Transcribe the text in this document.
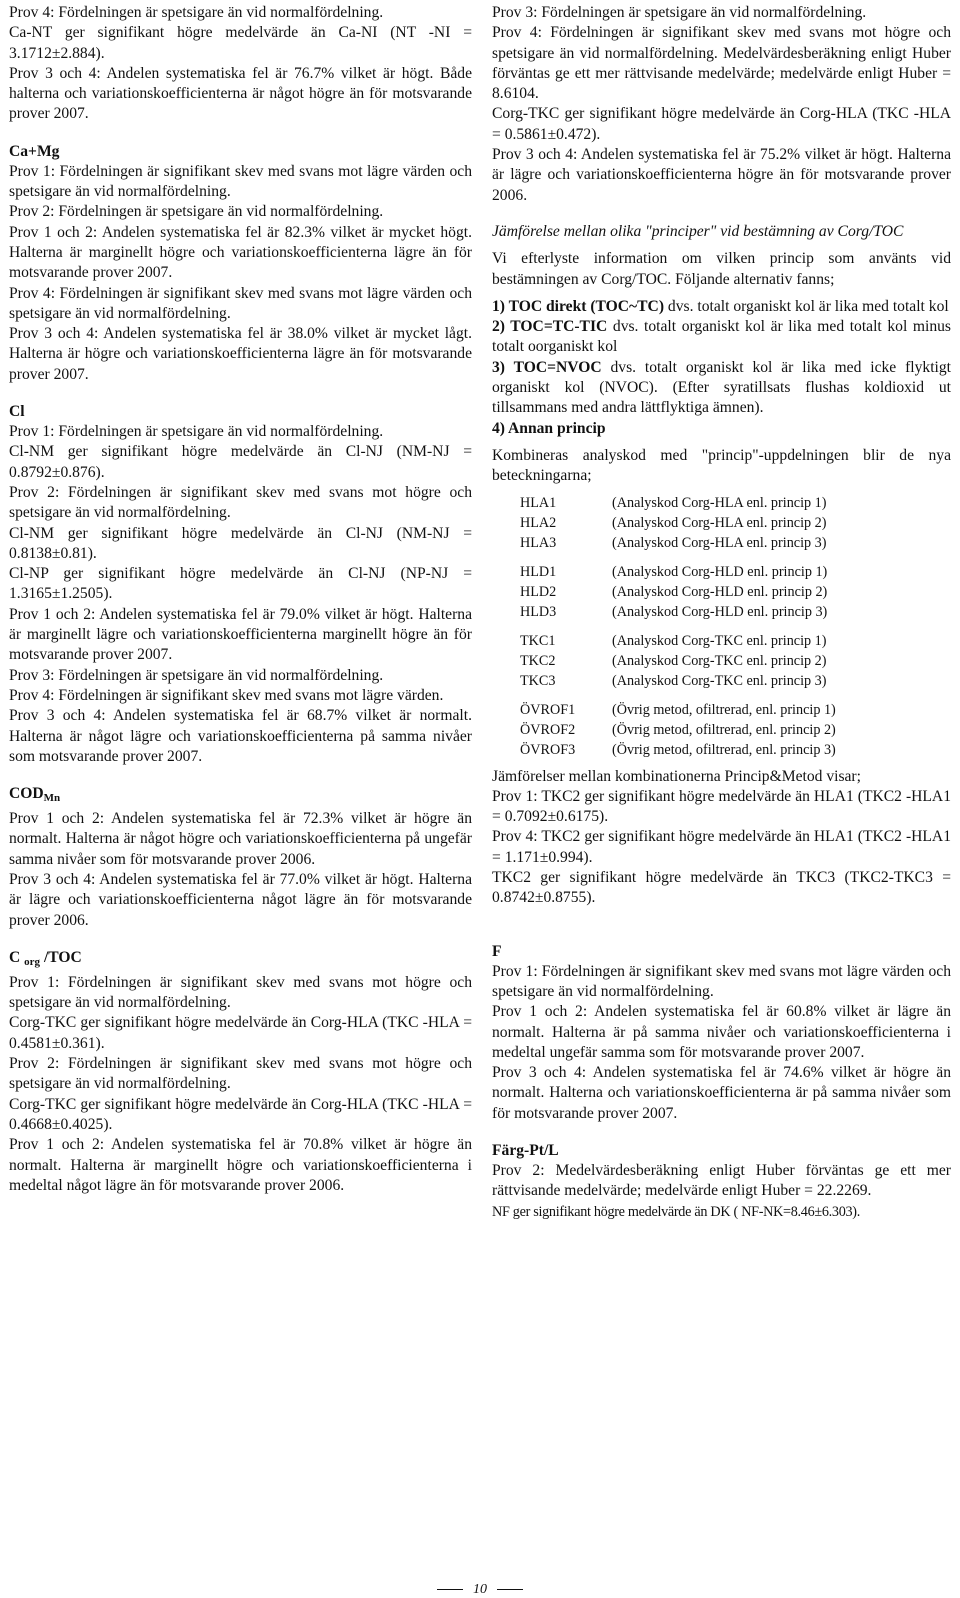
Prov 4: Fördelningen är spetsigare än vid normalfördelning.

Ca-NT ger signifikant högre medelvärde än Ca-NI (NT -NI = 3.1712±2.884).

Prov 3 och 4: Andelen systematiska fel är 76.7% vilket är högt. Både halterna och variationskoefficienterna är något högre än för motsvarande prover 2007.

Ca+Mg

Prov 1: Fördelningen är signifikant skev med svans mot lägre värden och spetsigare än vid normalfördelning.

Prov 2: Fördelningen är spetsigare än vid normalfördelning.

Prov 1 och 2: Andelen systematiska fel är 82.3% vilket är mycket högt. Halterna är marginellt högre och variationskoefficienterna lägre än för motsvarande prover 2007.

Prov 4: Fördelningen är signifikant skev med svans mot lägre värden och spetsigare än vid normalfördelning.

Prov 3 och 4: Andelen systematiska fel är 38.0% vilket är mycket lågt. Halterna är högre och variationskoefficienterna lägre än för motsvarande prover 2007.

Cl

Prov 1: Fördelningen är spetsigare än vid normalfördelning.

Cl-NM ger signifikant högre medelvärde än Cl-NJ (NM-NJ = 0.8792±0.876).

Prov 2: Fördelningen är signifikant skev med svans mot högre och spetsigare än vid normalfördelning.

Cl-NM ger signifikant högre medelvärde än Cl-NJ (NM-NJ = 0.8138±0.81).

Cl-NP ger signifikant högre medelvärde än Cl-NJ (NP-NJ = 1.3165±1.2505).

Prov 1 och 2: Andelen systematiska fel är 79.0% vilket är högt. Halterna är marginellt lägre och variationskoefficienterna marginellt högre än för motsvarande prover 2007.

Prov 3: Fördelningen är spetsigare än vid normalfördelning.

Prov 4: Fördelningen är signifikant skev med svans mot lägre värden.

Prov 3 och 4: Andelen systematiska fel är 68.7% vilket är normalt. Halterna är något lägre och variationskoefficienterna på samma nivåer som motsvarande prover 2007.

$COD_{Mn}$

Prov 1 och 2: Andelen systematiska fel är 72.3% vilket är högre än normalt. Halterna är något högre och variationskoefficienterna på ungefär samma nivåer som för motsvarande prover 2006.

Prov 3 och 4: Andelen systematiska fel är 77.0% vilket är högt. Halterna är lägre och variationskoefficienterna något lägre än för motsvarande prover 2006.

C $_{org}$ /TOC

Prov 1: Fördelningen är signifikant skev med svans mot högre och spetsigare än vid normalfördelning.

Corg-TKC ger signifikant högre medelvärde än Corg-HLA (TKC -HLA = 0.4581±0.361).

Prov 2: Fördelningen är signifikant skev med svans mot högre och spetsigare än vid normalfördelning.

Corg-TKC ger signifikant högre medelvärde än Corg-HLA (TKC -HLA = 0.4668±0.4025).

Prov 1 och 2: Andelen systematiska fel är 70.8% vilket är högre än normalt. Halterna är marginellt högre och variationskoefficienterna i medeltal något lägre än för motsvarande prover 2006.

Prov 3: Fördelningen är spetsigare än vid normalfördelning.

Prov 4: Fördelningen är signifikant skev med svans mot högre och spetsigare än vid normalfördelning. Medelvärdesberäkning enligt Huber förväntas ge ett mer rättvisande medelvärde; medelvärde enligt Huber = 8.6104.

Corg-TKC ger signifikant högre medelvärde än Corg-HLA (TKC -HLA = 0.5861±0.472).

Prov 3 och 4: Andelen systematiska fel är 75.2% vilket är högt. Halterna är lägre och variationskoefficienterna högre än för motsvarande prover 2006.

Jämförelse mellan olika "principer" vid bestämning av Corg/TOC

Vi efterlyste information om vilken princip som använts vid bestämningen av Corg/TOC. Följande alternativ fanns;

1) TOC direkt (TOC~TC) dvs. totalt organiskt kol är lika med totalt kol

2) TOC=TC-TIC dvs. totalt organiskt kol är lika med totalt kol minus totalt oorganiskt kol

3) TOC=NVOC dvs. totalt organiskt kol är lika med icke flyktigt organiskt kol (NVOC). (Efter syratillsats flushas koldioxid ut tillsammans med andra lättflyktiga ämnen).

4) Annan princip

Kombineras analyskod med "princip"-uppdelningen blir de nya beteckningarna;

HLA1	(Analyskod Corg-HLA enl. princip 1)
HLA2	(Analyskod Corg-HLA enl. princip 2)
HLA3	(Analyskod Corg-HLA enl. princip 3)
HLD1	(Analyskod Corg-HLD enl. princip 1)
HLD2	(Analyskod Corg-HLD enl. princip 2)
HLD3	(Analyskod Corg-HLD enl. princip 3)
TKC1	(Analyskod Corg-TKC enl. princip 1)
TKC2	(Analyskod Corg-TKC enl. princip 2)
TKC3	(Analyskod Corg-TKC enl. princip 3)
ÖVROF1	(Övrig metod, ofiltrerad, enl. princip 1)
ÖVROF2	(Övrig metod, ofiltrerad, enl. princip 2)
ÖVROF3	(Övrig metod, ofiltrerad, enl. princip 3)

Jämförelser mellan kombinationerna Princip&Metod visar;

Prov 1: TKC2 ger signifikant högre medelvärde än HLA1 (TKC2 -HLA1 = 0.7092±0.6175).

Prov 4: TKC2 ger signifikant högre medelvärde än HLA1 (TKC2 -HLA1 = 1.171±0.994).

TKC2 ger signifikant högre medelvärde än TKC3 (TKC2-TKC3 = 0.8742±0.8755).

F

Prov 1: Fördelningen är signifikant skev med svans mot lägre värden och spetsigare än vid normalfördelning.

Prov 1 och 2: Andelen systematiska fel är 60.8% vilket är lägre än normalt. Halterna är på samma nivåer och variationskoefficienterna i medeltal ungefär samma som för motsvarande prover 2007.

Prov 3 och 4: Andelen systematiska fel är 74.6% vilket är högre än normalt. Halterna och variationskoefficienterna är på samma nivåer som för motsvarande prover 2007.

Färg-Pt/L

Prov 2: Medelvärdesberäkning enligt Huber förväntas ge ett mer rättvisande medelvärde; medelvärde enligt Huber = 22.2269.

NF ger signifikant högre medelvärde än DK ( NF-NK=8.46±6.303).

10
